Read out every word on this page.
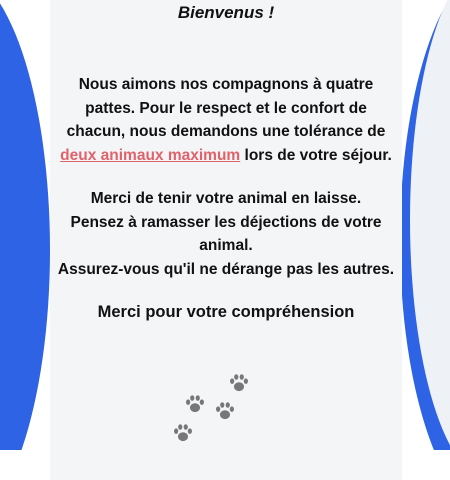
Bienvenus !

Nous aimons nos compagnons à quatre

pattes. Pour le respect et le confort de

chacun, nous demandons une tolérance de

deux animaux maximum lors de votre séjour.

Merci de tenir votre animal en laisse.

Pensez à ramasser les déjections de votre

animal.

Assurez-vous qu'il ne dérange pas les autres.

Merci pour votre compréhension
